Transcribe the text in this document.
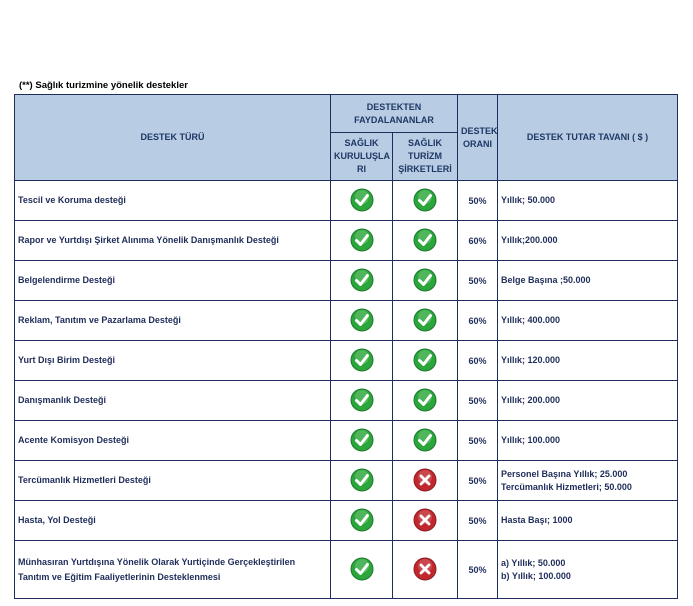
(**) Sağlık turizmine yönelik destekler
DESTEK TÜRÜ	DESTEKTEN FAYDALANANLAR		DESTEK ORANI	DESTEK TUTAR TAVANI ( $ )
	SAĞLIK KURULUŞLA RI	SAĞLIK TURİZM ŞİRKETLERİ		
Tescil ve Koruma desteği			50%	Yıllık; 50.000

Rapor ve Yurtdışı Şirket Alınıma Yönelik Danışmanlık Desteği			60%	Yıllık;200.000

Belgelendirme Desteği			50%	Belge Başına ;50.000

Reklam, Tanıtım ve Pazarlama Desteği			60%	Yıllık; 400.000

Yurt Dışı Birim Desteği			60%	Yıllık; 120.000

Danışmanlık Desteği			50%	Yıllık; 200.000

Acente Komisyon Desteği			50%	Yıllık; 100.000

Tercümanlık Hizmetleri Desteği			50%	Personel Başına Yıllık; 25.000
Tercümanlık Hizmetleri; 50.000

Hasta, Yol Desteği			50%	Hasta Başı; 1000

Münhasıran Yurtdışına Yönelik Olarak Yurtiçinde Gerçekleştirilen Tanıtım ve Eğitim Faaliyetlerinin Desteklenmesi			50%	a) Yıllık; 50.000
b) Yıllık; 100.000
